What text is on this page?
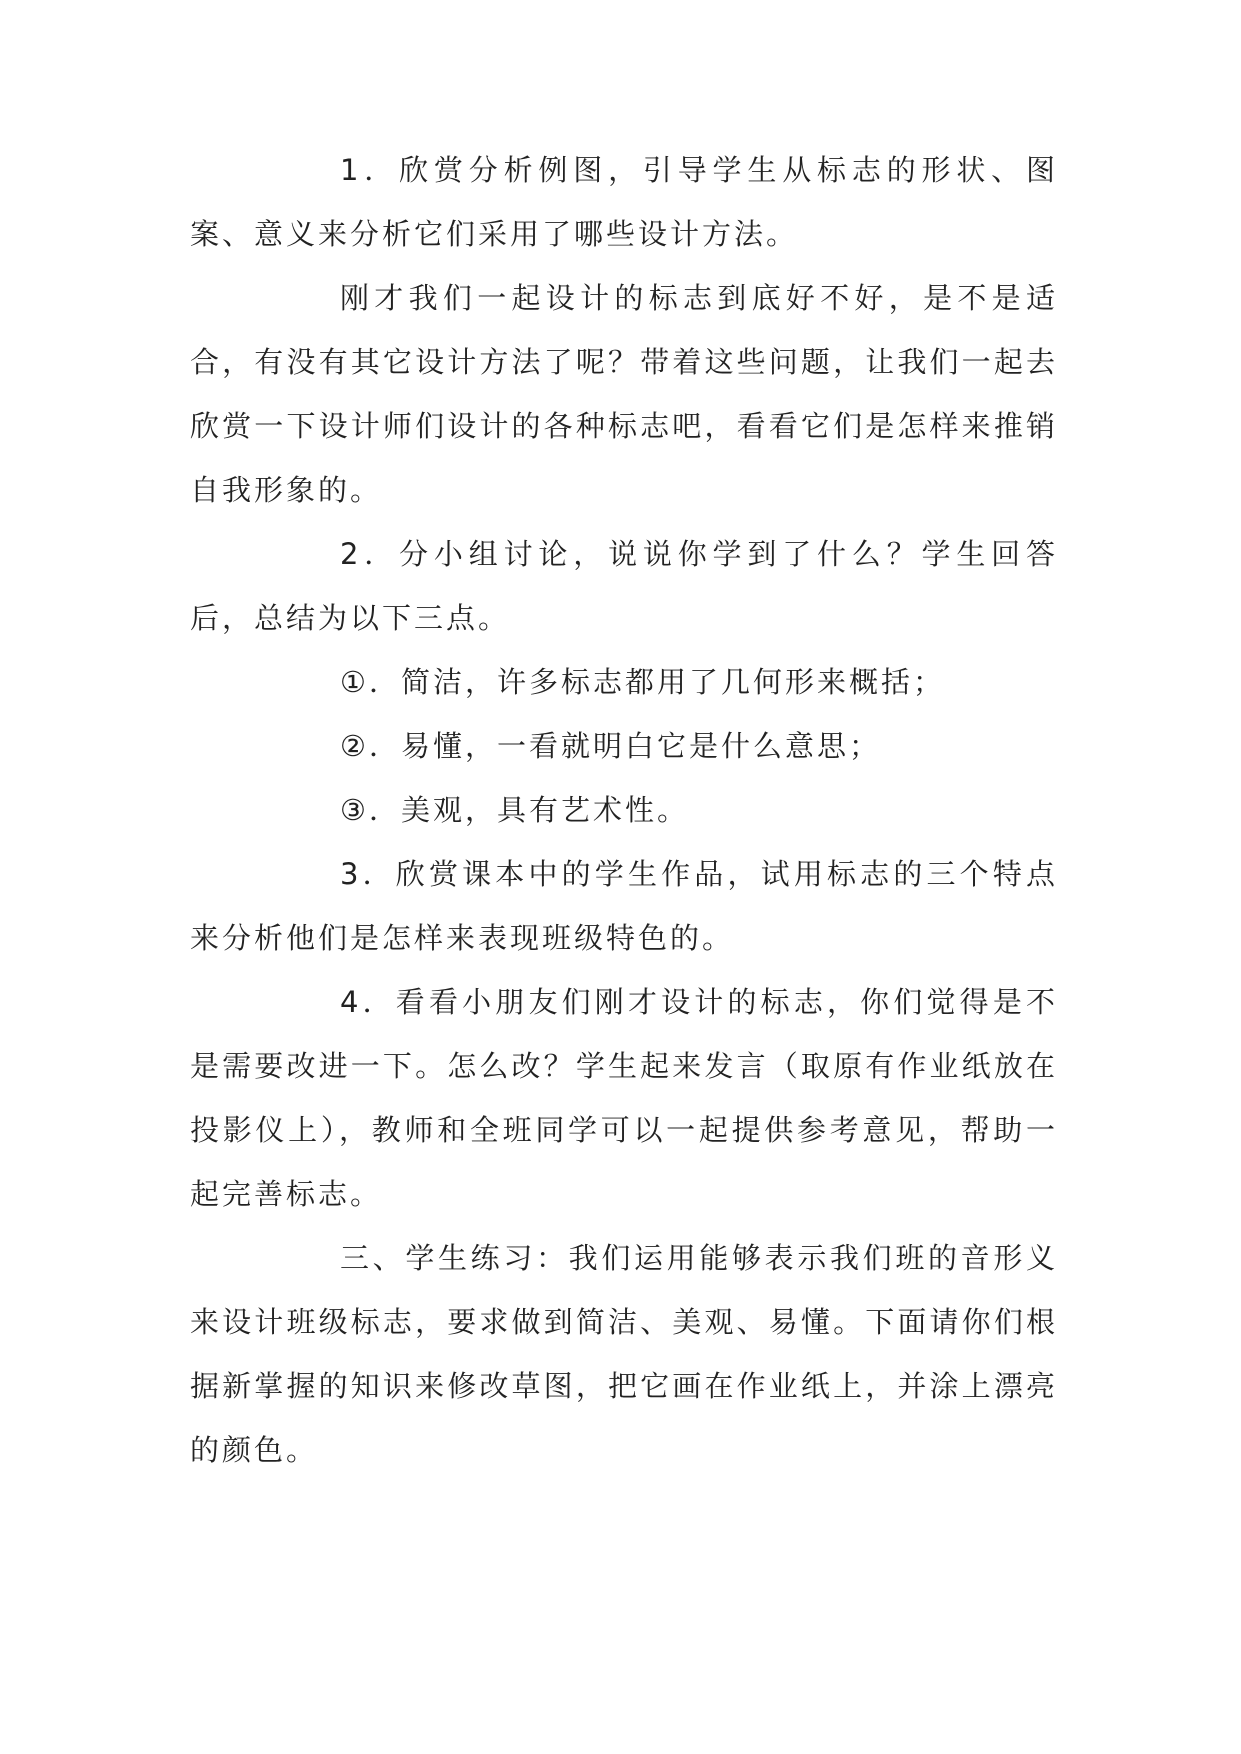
1．欣赏分析例图，引导学生从标志的形状、图案、意义来分析它们采用了哪些设计方法。

刚才我们一起设计的标志到底好不好，是不是适合，有没有其它设计方法了呢？带着这些问题，让我们一起去欣赏一下设计师们设计的各种标志吧，看看它们是怎样来推销自我形象的。

2．分小组讨论，说说你学到了什么？学生回答后，总结为以下三点。

①．简洁，许多标志都用了几何形来概括；

②．易懂，一看就明白它是什么意思；

③．美观，具有艺术性。

3．欣赏课本中的学生作品，试用标志的三个特点来分析他们是怎样来表现班级特色的。

4．看看小朋友们刚才设计的标志，你们觉得是不是需要改进一下。怎么改？学生起来发言（取原有作业纸放在投影仪上），教师和全班同学可以一起提供参考意见，帮助一起完善标志。

三、学生练习：我们运用能够表示我们班的音形义来设计班级标志，要求做到简洁、美观、易懂。下面请你们根据新掌握的知识来修改草图，把它画在作业纸上，并涂上漂亮的颜色。
